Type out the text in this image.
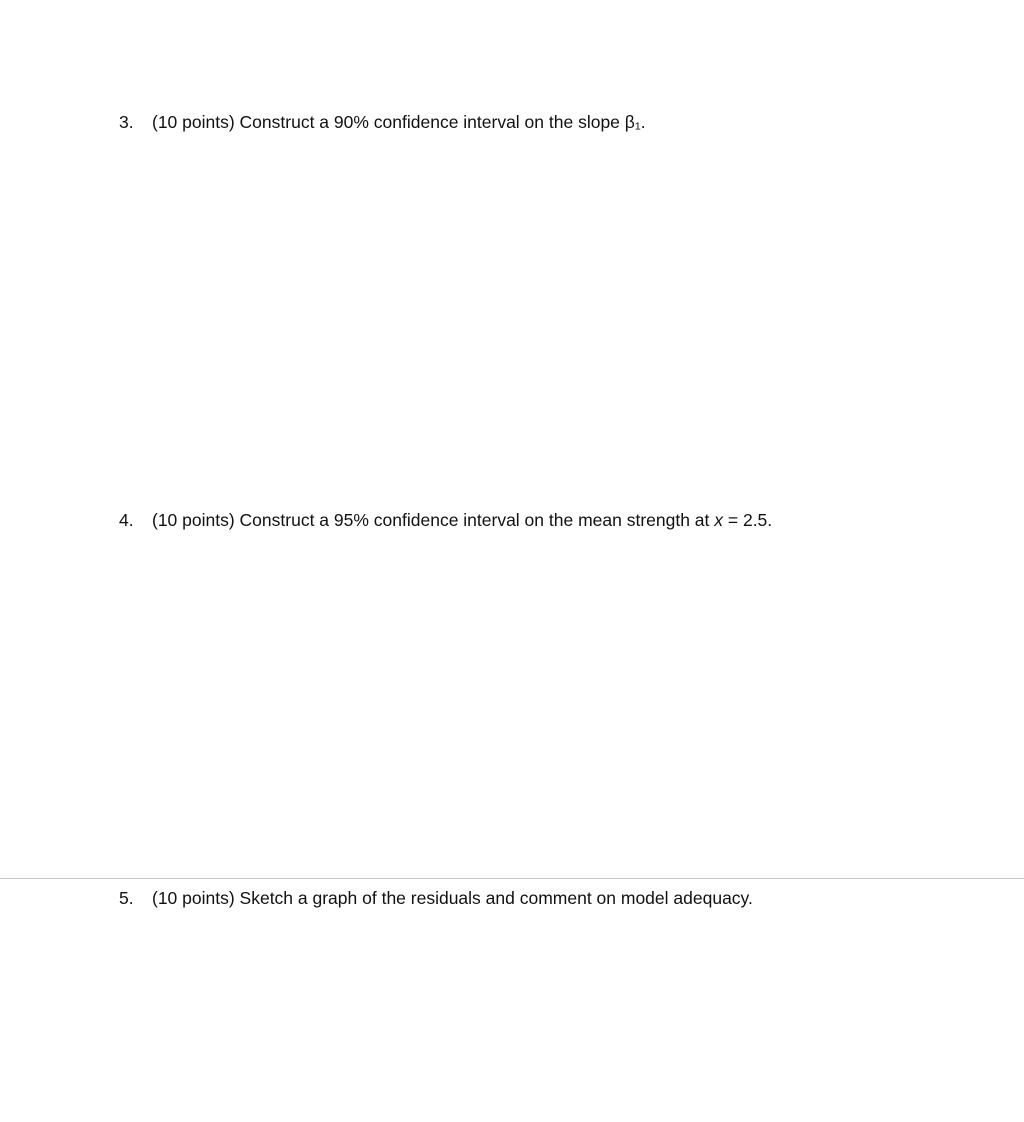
3. (10 points) Construct a 90% confidence interval on the slope β₁.
4. (10 points) Construct a 95% confidence interval on the mean strength at x = 2.5.
5. (10 points) Sketch a graph of the residuals and comment on model adequacy.
